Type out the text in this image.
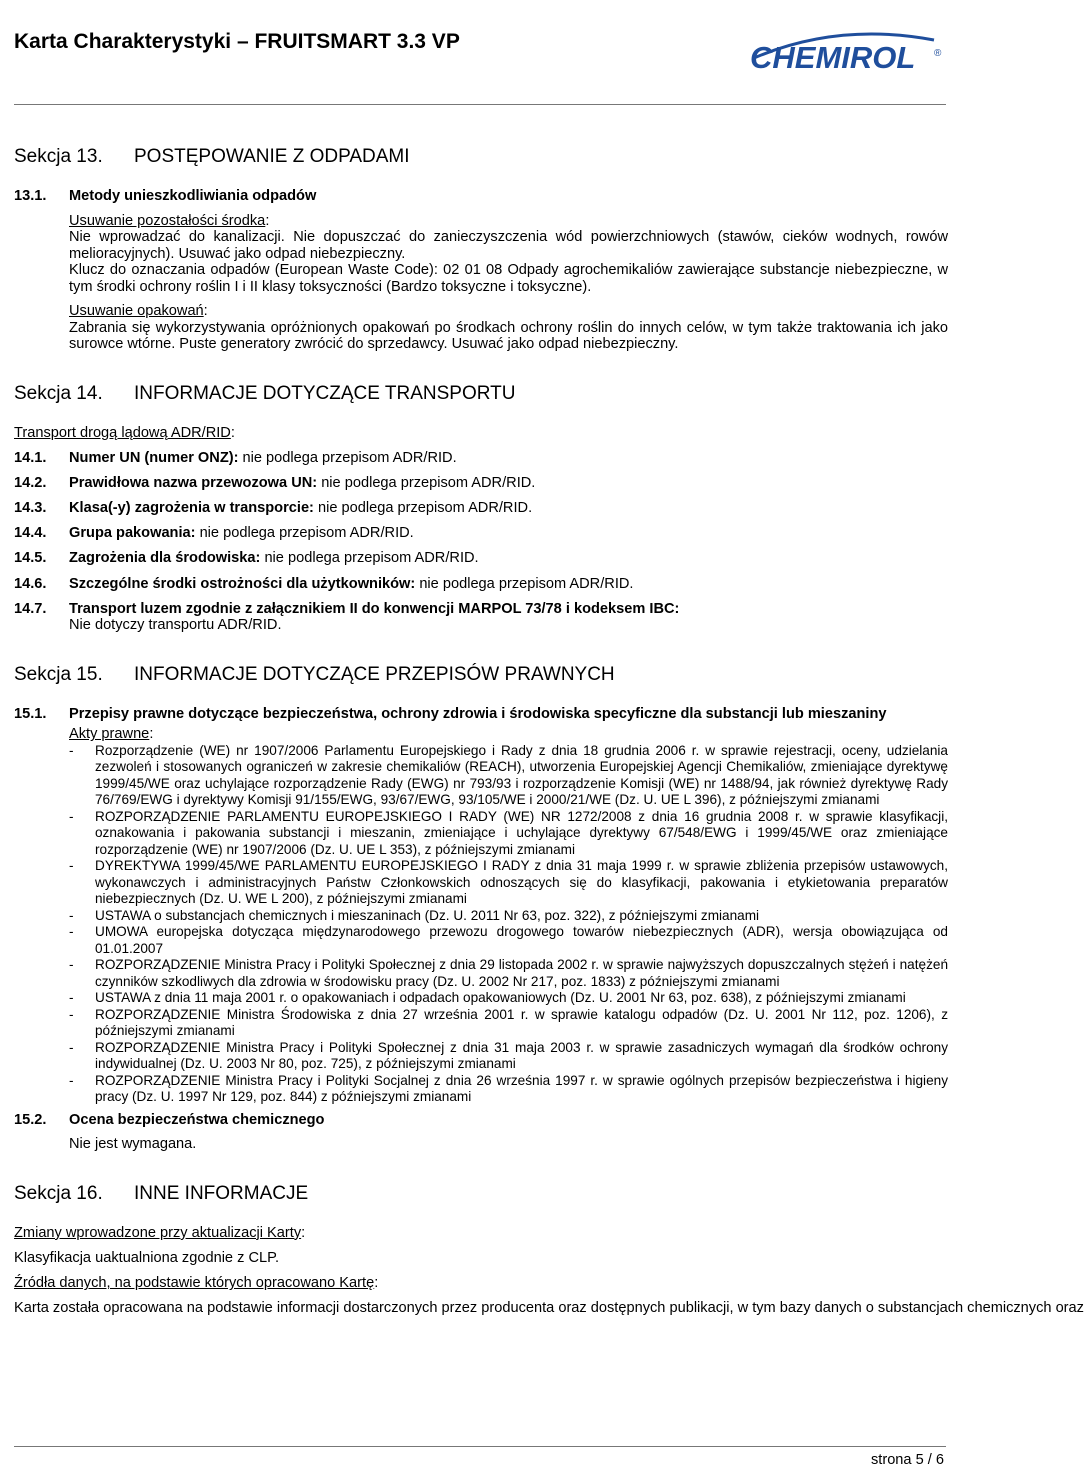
Karta Charakterystyki – FRUITSMART 3.3 VP	CHEMIROL ®
Sekcja 13. POSTĘPOWANIE Z ODPADAMI
13.1. Metody unieszkodliwiania odpadów
Usuwanie pozostałości środka:
Nie wprowadzać do kanalizacji. Nie dopuszczać do zanieczyszczenia wód powierzchniowych (stawów, cieków wodnych, rowów melioracyjnych). Usuwać jako odpad niebezpieczny.
Klucz do oznaczania odpadów (European Waste Code): 02 01 08 Odpady agrochemikaliów zawierające substancje niebezpieczne, w tym środki ochrony roślin I i II klasy toksyczności (Bardzo toksyczne i toksyczne).
Usuwanie opakowań:
Zabrania się wykorzystywania opróżnionych opakowań po środkach ochrony roślin do innych celów, w tym także traktowania ich jako surowce wtórne. Puste generatory zwrócić do sprzedawcy. Usuwać jako odpad niebezpieczny.
Sekcja 14. INFORMACJE DOTYCZĄCE TRANSPORTU
Transport drogą lądową ADR/RID:
14.1. Numer UN (numer ONZ): nie podlega przepisom ADR/RID.
14.2. Prawidłowa nazwa przewozowa UN: nie podlega przepisom ADR/RID.
14.3. Klasa(-y) zagrożenia w transporcie: nie podlega przepisom ADR/RID.
14.4. Grupa pakowania: nie podlega przepisom ADR/RID.
14.5. Zagrożenia dla środowiska: nie podlega przepisom ADR/RID.
14.6. Szczególne środki ostrożności dla użytkowników: nie podlega przepisom ADR/RID.
14.7. Transport luzem zgodnie z załącznikiem II do konwencji MARPOL 73/78 i kodeksem IBC:
Nie dotyczy transportu ADR/RID.
Sekcja 15. INFORMACJE DOTYCZĄCE PRZEPISÓW PRAWNYCH
15.1. Przepisy prawne dotyczące bezpieczeństwa, ochrony zdrowia i środowiska specyficzne dla substancji lub mieszaniny
Akty prawne:
- Rozporządzenie (WE) nr 1907/2006 Parlamentu Europejskiego i Rady z dnia 18 grudnia 2006 r. w sprawie rejestracji, oceny, udzielania zezwoleń i stosowanych ograniczeń w zakresie chemikaliów (REACH), utworzenia Europejskiej Agencji Chemikaliów, zmieniające dyrektywę 1999/45/WE oraz uchylające rozporządzenie Rady (EWG) nr 793/93 i rozporządzenie Komisji (WE) nr 1488/94, jak również dyrektywę Rady 76/769/EWG i dyrektywy Komisji 91/155/EWG, 93/67/EWG, 93/105/WE i 2000/21/WE (Dz. U. UE L 396), z późniejszymi zmianami
- ROZPORZĄDZENIE PARLAMENTU EUROPEJSKIEGO I RADY (WE) NR 1272/2008 z dnia 16 grudnia 2008 r. w sprawie klasyfikacji, oznakowania i pakowania substancji i mieszanin, zmieniające i uchylające dyrektywy 67/548/EWG i 1999/45/WE oraz zmieniające rozporządzenie (WE) nr 1907/2006 (Dz. U. UE L 353), z późniejszymi zmianami
- DYREKTYWA 1999/45/WE PARLAMENTU EUROPEJSKIEGO I RADY z dnia 31 maja 1999 r. w sprawie zbliżenia przepisów ustawowych, wykonawczych i administracyjnych Państw Członkowskich odnoszących się do klasyfikacji, pakowania i etykietowania preparatów niebezpiecznych (Dz. U. WE L 200), z późniejszymi zmianami
- USTAWA o substancjach chemicznych i mieszaninach (Dz. U. 2011 Nr 63, poz. 322), z późniejszymi zmianami
- UMOWA europejska dotycząca międzynarodowego przewozu drogowego towarów niebezpiecznych (ADR), wersja obowiązująca od 01.01.2007
- ROZPORZĄDZENIE Ministra Pracy i Polityki Społecznej z dnia 29 listopada 2002 r. w sprawie najwyższych dopuszczalnych stężeń i natężeń czynników szkodliwych dla zdrowia w środowisku pracy (Dz. U. 2002 Nr 217, poz. 1833) z późniejszymi zmianami
- USTAWA z dnia 11 maja 2001 r. o opakowaniach i odpadach opakowaniowych (Dz. U. 2001 Nr 63, poz. 638), z późniejszymi zmianami
- ROZPORZĄDZENIE Ministra Środowiska z dnia 27 września 2001 r. w sprawie katalogu odpadów (Dz. U. 2001 Nr 112, poz. 1206), z późniejszymi zmianami
- ROZPORZĄDZENIE Ministra Pracy i Polityki Społecznej z dnia 31 maja 2003 r. w sprawie zasadniczych wymagań dla środków ochrony indywidualnej (Dz. U. 2003 Nr 80, poz. 725), z późniejszymi zmianami
- ROZPORZĄDZENIE Ministra Pracy i Polityki Socjalnej z dnia 26 września 1997 r. w sprawie ogólnych przepisów bezpieczeństwa i higieny pracy (Dz. U. 1997 Nr 129, poz. 844) z późniejszymi zmianami
15.2. Ocena bezpieczeństwa chemicznego
Nie jest wymagana.
Sekcja 16. INNE INFORMACJE
Zmiany wprowadzone przy aktualizacji Karty:
Klasyfikacja uaktualniona zgodnie z CLP.
Źródła danych, na podstawie których opracowano Kartę:
Karta została opracowana na podstawie informacji dostarczonych przez producenta oraz dostępnych publikacji, w tym bazy danych o substancjach chemicznych oraz
strona 5 / 6
